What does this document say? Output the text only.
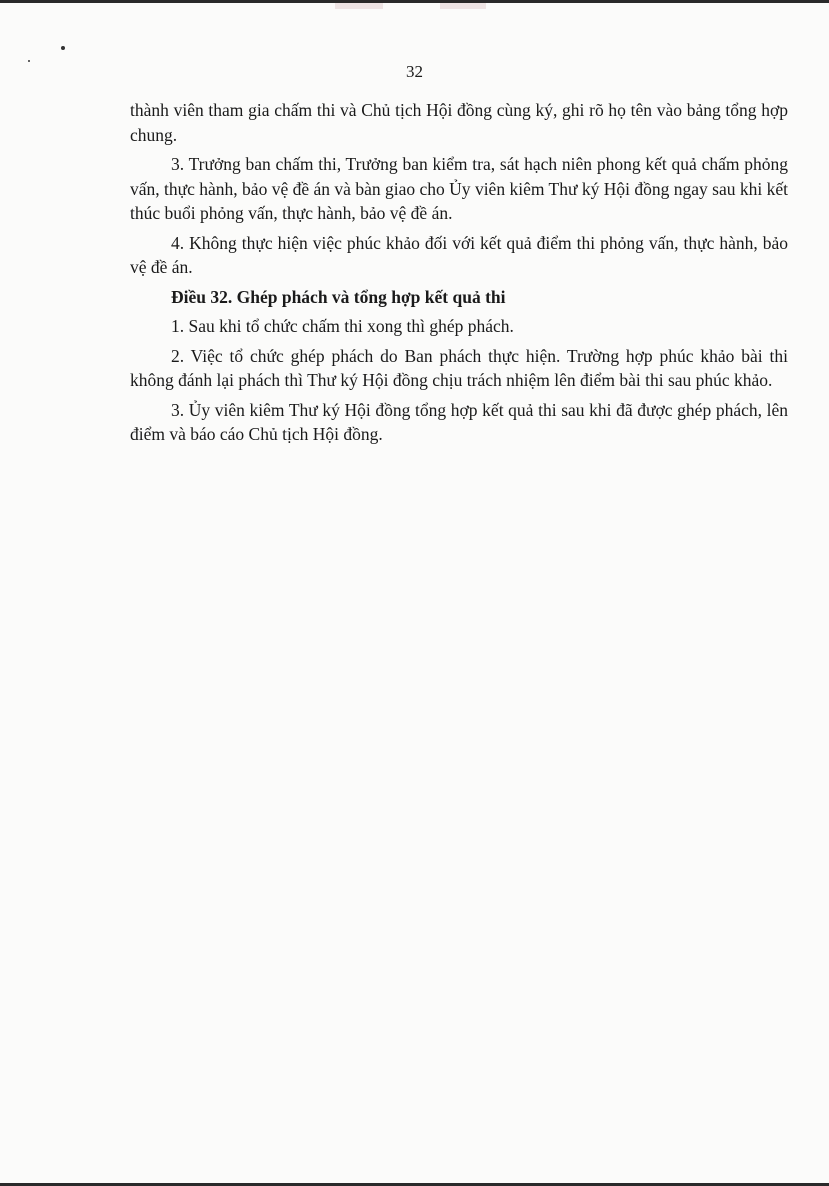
32

thành viên tham gia chấm thi và Chủ tịch Hội đồng cùng ký, ghi rõ họ tên vào bảng tổng hợp chung.

3. Trưởng ban chấm thi, Trưởng ban kiểm tra, sát hạch niên phong kết quả chấm phỏng vấn, thực hành, bảo vệ đề án và bàn giao cho Ủy viên kiêm Thư ký Hội đồng ngay sau khi kết thúc buổi phỏng vấn, thực hành, bảo vệ đề án.

4. Không thực hiện việc phúc khảo đối với kết quả điểm thi phỏng vấn, thực hành, bảo vệ đề án.

Điều 32. Ghép phách và tổng hợp kết quả thi

1. Sau khi tổ chức chấm thi xong thì ghép phách.

2. Việc tổ chức ghép phách do Ban phách thực hiện. Trường hợp phúc khảo bài thi không đánh lại phách thì Thư ký Hội đồng chịu trách nhiệm lên điểm bài thi sau phúc khảo.

3. Ủy viên kiêm Thư ký Hội đồng tổng hợp kết quả thi sau khi đã được ghép phách, lên điểm và báo cáo Chủ tịch Hội đồng.
